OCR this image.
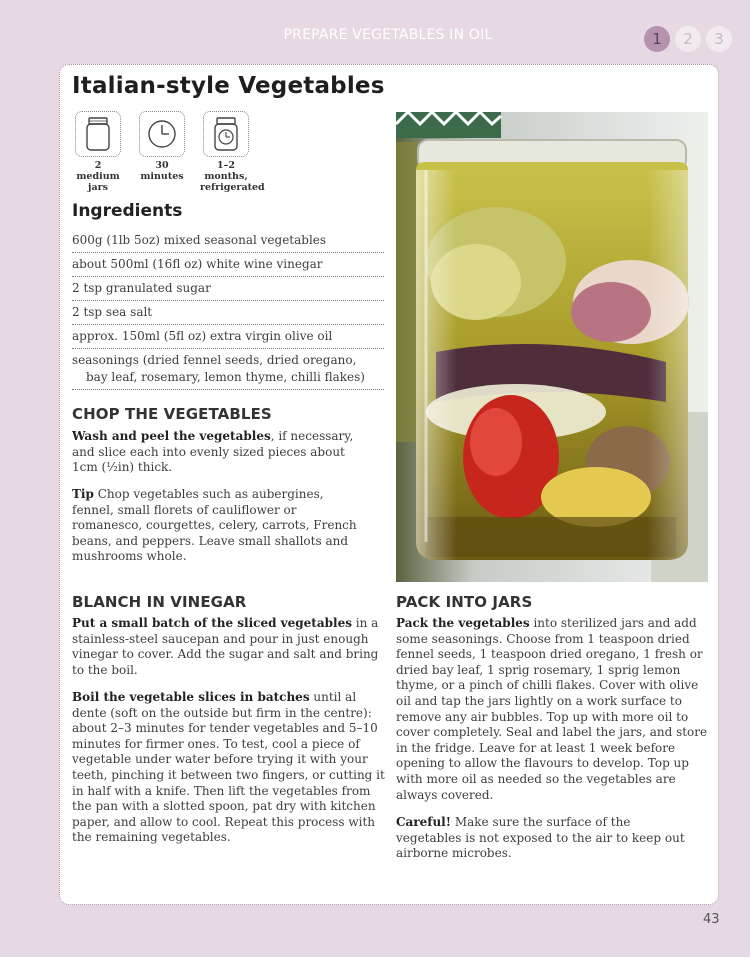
PREPARE VEGETABLES IN OIL	1	2	3
Italian-style Vegetables
2 medium
jars
30 minutes
1–2 months,
refrigerated
Ingredients
600g (1lb 5oz) mixed seasonal vegetables
about 500ml (16fl oz) white wine vinegar
2 tsp granulated sugar
2 tsp sea salt
approx. 150ml (5fl oz) extra virgin olive oil
seasonings (dried fennel seeds, dried oregano,
bay leaf, rosemary, lemon thyme, chilli flakes)
CHOP THE VEGETABLES

Wash and peel the vegetables, if necessary, and slice each into evenly sized pieces about 1cm (½in) thick.

Tip Chop vegetables such as aubergines, fennel, small florets of cauliflower or romanesco, courgettes, celery, carrots, French beans, and peppers. Leave small shallots and mushrooms whole.

BLANCH IN VINEGAR

Put a small batch of the sliced vegetables in a stainless-steel saucepan and pour in just enough vinegar to cover. Add the sugar and salt and bring to the boil.

Boil the vegetable slices in batches until al dente (soft on the outside but firm in the centre): about 2–3 minutes for tender vegetables and 5–10 minutes for firmer ones. To test, cool a piece of vegetable under water before trying it with your teeth, pinching it between two fingers, or cutting it in half with a knife. Then lift the vegetables from the pan with a slotted spoon, pat dry with kitchen paper, and allow to cool. Repeat this process with the remaining vegetables.

PACK INTO JARS

Pack the vegetables into sterilized jars and add some seasonings. Choose from 1 teaspoon dried fennel seeds, 1 teaspoon dried oregano, 1 fresh or dried bay leaf, 1 sprig rosemary, 1 sprig lemon thyme, or a pinch of chilli flakes. Cover with olive oil and tap the jars lightly on a work surface to remove any air bubbles. Top up with more oil to cover completely. Seal and label the jars, and store in the fridge. Leave for at least 1 week before opening to allow the flavours to develop. Top up with more oil as needed so the vegetables are always covered.

Careful! Make sure the surface of the vegetables is not exposed to the air to keep out airborne microbes.

43
